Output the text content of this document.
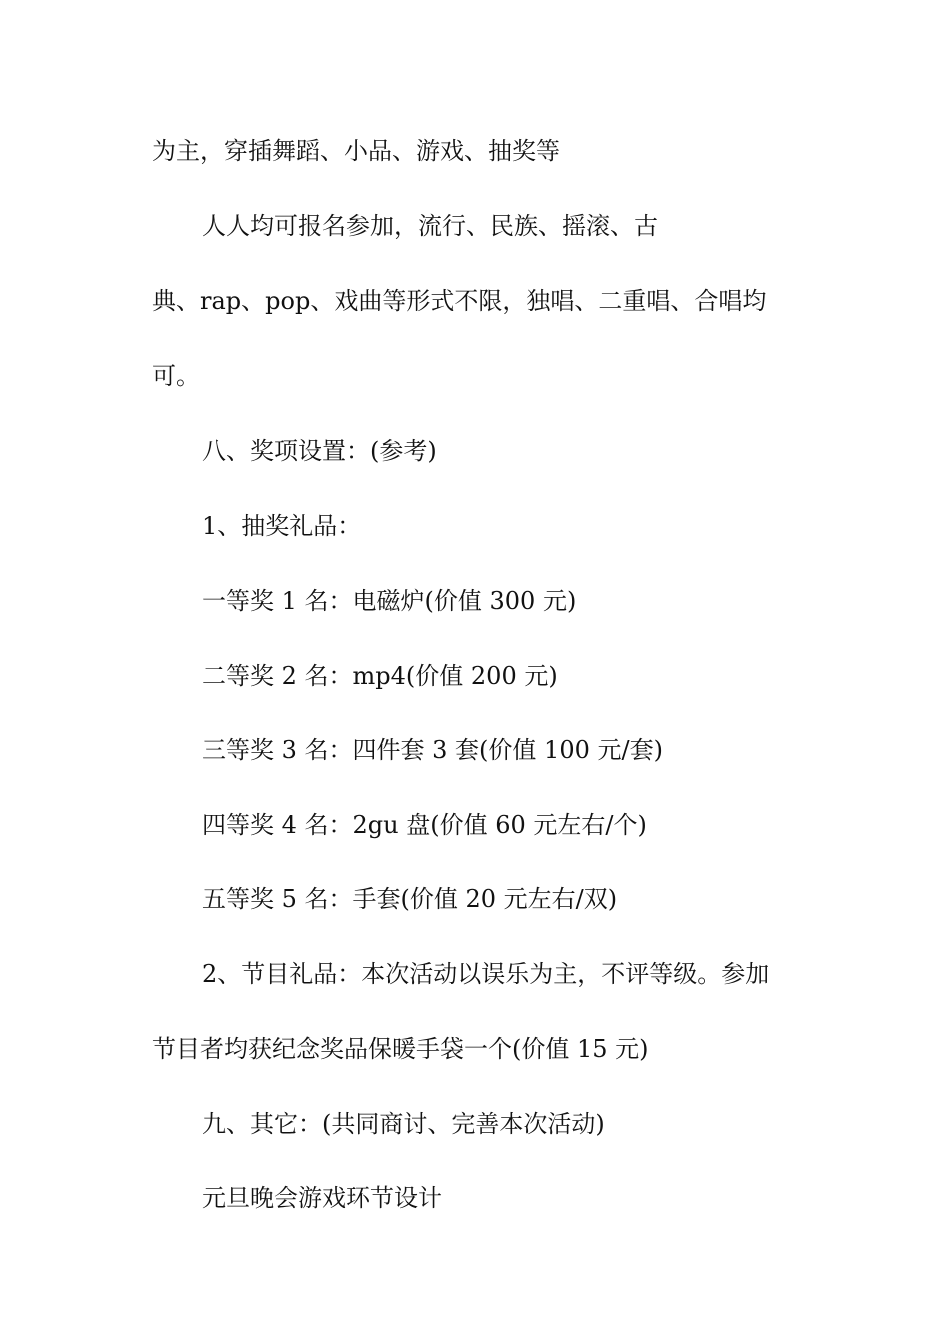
为主，穿插舞蹈、小品、游戏、抽奖等

人人均可报名参加，流行、民族、摇滚、古

典、rap、pop、戏曲等形式不限，独唱、二重唱、合唱均

可。

八、奖项设置：(参考)

1、抽奖礼品：

一等奖 1 名：电磁炉(价值 300 元)

二等奖 2 名：mp4(价值 200 元)

三等奖 3 名：四件套 3 套(价值 100 元/套)

四等奖 4 名：2gu 盘(价值 60 元左右/个)

五等奖 5 名：手套(价值 20 元左右/双)

2、节目礼品：本次活动以误乐为主，不评等级。参加

节目者均获纪念奖品保暖手袋一个(价值 15 元)

九、其它：(共同商讨、完善本次活动)

元旦晚会游戏环节设计
